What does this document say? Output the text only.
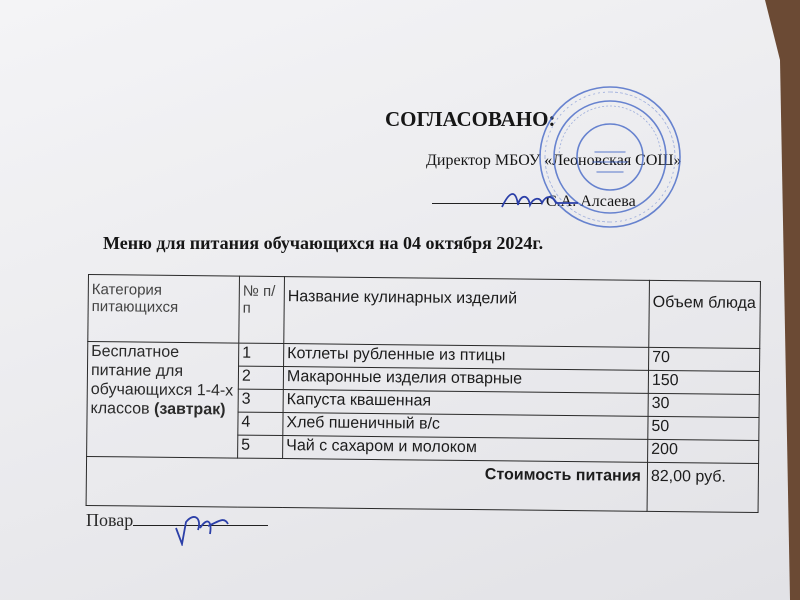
СОГЛАСОВАНО:
Директор МБОУ «Леоновская СОШ»
С.А. Алсаева
Меню для питания обучающихся на 04 октября 2024г.
Категория питающихся	№ п/п	Название кулинарных изделий	Объем блюда
Бесплатное питание для обучающихся 1-4-х классов (завтрак)	1	Котлеты рубленные из птицы	70
	2	Макаронные изделия отварные	150
	3	Капуста квашенная	30
	4	Хлеб пшеничный в/с	50
	5	Чай с сахаром и молоком	200
Стоимость питания			82,00 руб.
Повар
